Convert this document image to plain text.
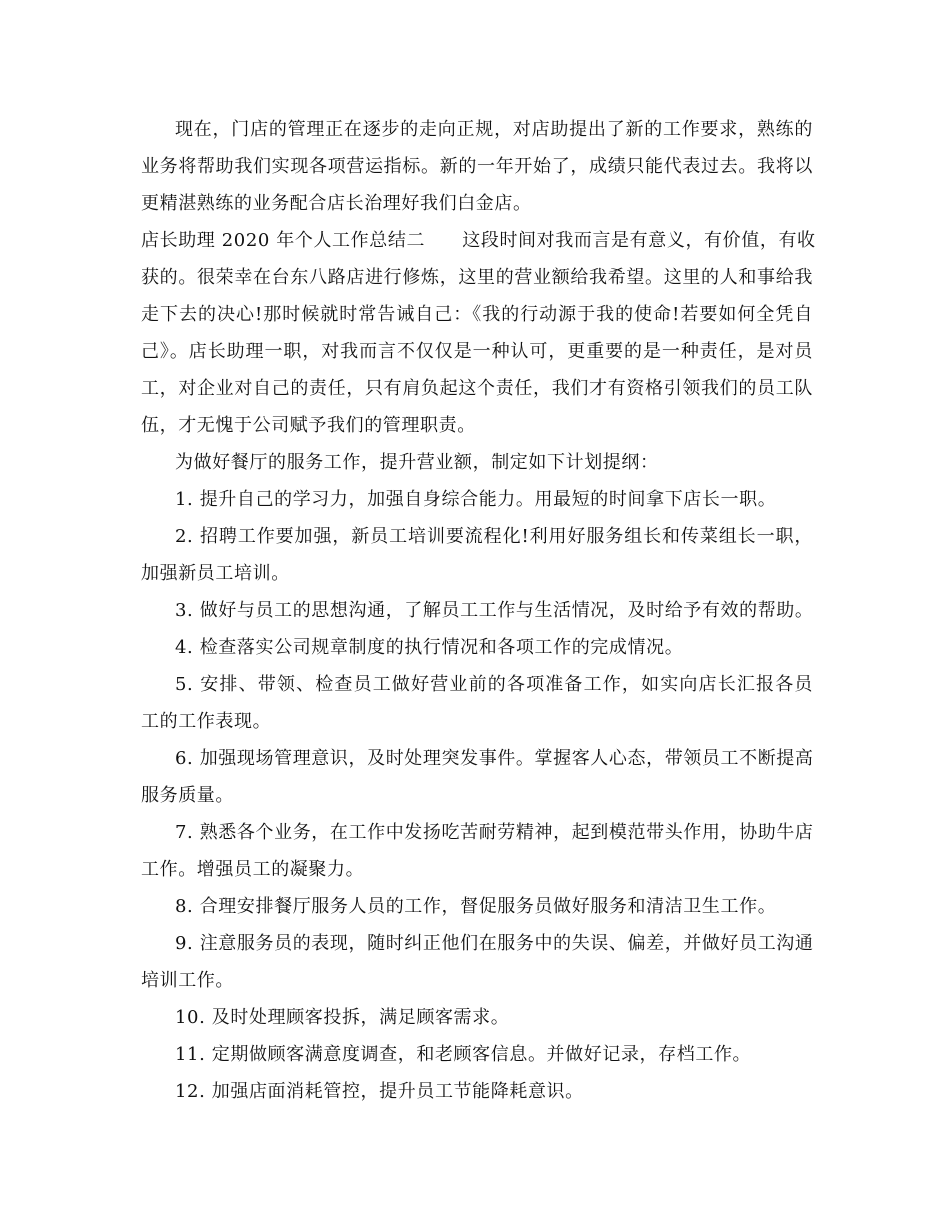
现在，门店的管理正在逐步的走向正规，对店助提出了新的工作要求，熟练的
业务将帮助我们实现各项营运指标。新的一年开始了，成绩只能代表过去。我将以
更精湛熟练的业务配合店长治理好我们白金店。
店长助理 2020 年个人工作总结二　　这段时间对我而言是有意义，有价值，有收
获的。很荣幸在台东八路店进行修炼，这里的营业额给我希望。这里的人和事给我
走下去的决心!那时候就时常告诫自己：《我的行动源于我的使命!若要如何全凭自
己》。店长助理一职，对我而言不仅仅是一种认可，更重要的是一种责任，是对员
工，对企业对自己的责任，只有肩负起这个责任，我们才有资格引领我们的员工队
伍，才无愧于公司赋予我们的管理职责。
为做好餐厅的服务工作，提升营业额，制定如下计划提纲：
1. 提升自己的学习力，加强自身综合能力。用最短的时间拿下店长一职。
2. 招聘工作要加强，新员工培训要流程化!利用好服务组长和传菜组长一职，
加强新员工培训。
3. 做好与员工的思想沟通，了解员工工作与生活情况，及时给予有效的帮助。
4. 检查落实公司规章制度的执行情况和各项工作的完成情况。
5. 安排、带领、检查员工做好营业前的各项准备工作，如实向店长汇报各员
工的工作表现。
6. 加强现场管理意识，及时处理突发事件。掌握客人心态，带领员工不断提高
服务质量。
7. 熟悉各个业务，在工作中发扬吃苦耐劳精神，起到模范带头作用，协助牛店
工作。增强员工的凝聚力。
8. 合理安排餐厅服务人员的工作，督促服务员做好服务和清洁卫生工作。
9. 注意服务员的表现，随时纠正他们在服务中的失误、偏差，并做好员工沟通
培训工作。
10. 及时处理顾客投拆，满足顾客需求。
11. 定期做顾客满意度调查，和老顾客信息。并做好记录，存档工作。
12. 加强店面消耗管控，提升员工节能降耗意识。
